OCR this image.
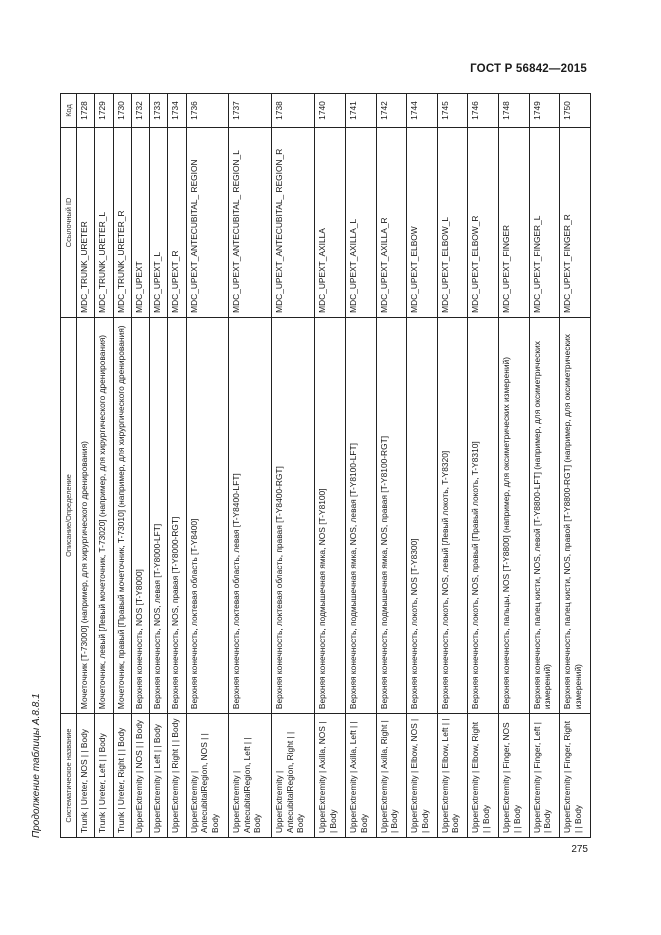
ГОСТ Р 56842—2015
Продолжение таблицы А.8.8.1	Систематическое название	Описание/Определение	Ссылочный ID	Код
Trunk | Ureter, NOS | | Body	Мочеточник [T-73000] (например, для хирургического дренирования)	MDC_TRUNK_URETER	1728
Trunk | Ureter, Left | | Body	Мочеточник, левый [Левый мочеточник, T-73020] (например, для хирургического дренирования)	MDC_TRUNK_URETER_L	1729
Trunk | Ureter, Right | | Body	Мочеточник, правый [Правый мочеточник, T-73010] (например, для хирургического дренирования)	MDC_TRUNK_URETER_R	1730
UpperExtremity | NOS | | Body	Верхняя конечность, NOS [T-Y8000]	MDC_UPEXT	1732
UpperExtremity | Left | | Body	Верхняя конечность, NOS, левая [T-Y8000-LFT]	MDC_UPEXT_L	1733
UpperExtremity | Right | | Body	Верхняя конечность, NOS, правая [T-Y8000-RGT]	MDC_UPEXT_R	1734
UpperExtremity | AntecubitalRegion, NOS | | Body	Верхняя конечность, локтевая область [T-Y8400]	MDC_UPEXT_ANTECUBITAL_ REGION	1736
UpperExtremity | AntecubitalRegion, Left | | Body	Верхняя конечность, локтевая область, левая [T-Y8400-LFT]	MDC_UPEXT_ANTECUBITAL_ REGION_L	1737
UpperExtremity | AntecubitalRegion, Right | | Body	Верхняя конечность, локтевая область, правая [T-Y8400-RGT]	MDC_UPEXT_ANTECUBITAL_ REGION_R	1738
UpperExtremity | Axilla, NOS | | Body	Верхняя конечность, подмышечная ямка, NOS [T-Y8100]	MDC_UPEXT_AXILLA	1740
UpperExtremity | Axilla, Left | | Body	Верхняя конечность, подмышечная ямка, NOS, левая [T-Y8100-LFT]	MDC_UPEXT_AXILLA_L	1741
UpperExtremity | Axilla, Right | | Body	Верхняя конечность, подмышечная ямка, NOS, правая [T-Y8100-RGT]	MDC_UPEXT_AXILLA_R	1742
UpperExtremity | Elbow, NOS | | Body	Верхняя конечность, локоть, NOS [T-Y8300]	MDC_UPEXT_ELBOW	1744
UpperExtremity | Elbow, Left | | Body	Верхняя конечность, локоть, NOS, левый [Левый локоть, T-Y8320]	MDC_UPEXT_ELBOW_L	1745
UpperExtremity | Elbow, Right | | Body	Верхняя конечность, локоть, NOS, правый [Правый локоть, T-Y8310]	MDC_UPEXT_ELBOW_R	1746
UpperExtremity | Finger, NOS | | Body	Верхняя конечность, пальцы, NOS [T-Y8800] (например, для оксиметрических измерений)	MDC_UPEXT_FINGER	1748
UpperExtremity | Finger, Left | | Body	Верхняя конечность, палец кисти, NOS, левой [T-Y8800-LFT] (например, для оксиметрических измерений)	MDC_UPEXT_FINGER_L	1749
UpperExtremity | Finger, Right | | Body	Верхняя конечность, палец кисти, NOS, правой [T-Y8800-RGT] (например, для оксиметрических измерений)	MDC_UPEXT_FINGER_R	1750
275
